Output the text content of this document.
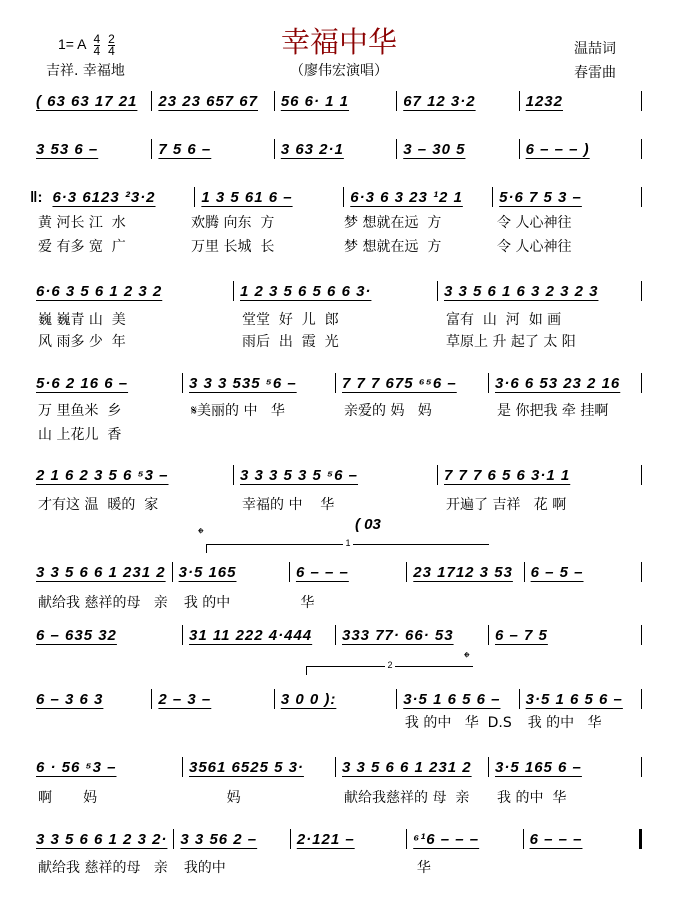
幸福中华
1= A $\frac{4}{4}$
$\frac{2}{4}$
吉祥. 幸福地	（廖伟宏演唱）
温喆词
春雷曲
𝄌	1
( 03
2	𝄌
( 63 63 17 21	23 23 657 67	56 6· 1 1	67 12 3·2	1232
3 53 6 –	7 5 6 –	3 63 2·1	3 – 30 5	6 – – – )
‖: 6·3 6123 ²3·2	1 3 5 61 6 –	6·3 6 3 23 ¹2 1	5·6 7 5 3 –
黄 河长 江  水	欢腾 向东  方	梦 想就在远  方	令 人心神往
爱 有多 宽  广	万里 长城  长	梦 想就在远  方	令 人心神往
6·6 3 5 6 1 2 3 2	1 2 3 5 6 5 6 6 3·	3 3 5 6 1 6 3 2 3 2 3
巍 巍青 山  美	堂堂  好  儿  郎	富有  山  河  如 画
风 雨多 少  年	雨后  出  霞  光	草原上 升 起了 太 阳
5·6 2 16 6 –	3 3 3 535 ⁵6 –	7 7 7 675 ⁶⁵6 –	3·6 6 53 23 2 16
万 里鱼米  乡	𝄋美丽的 中   华	亲爱的 妈   妈	是 你把我 牵 挂啊
山 上花儿  香
2 1 6 2 3 5 6 ⁵3 –	3 3 3 5 3 5 ⁵6 –	7 7 7 6 5 6 3·1 1
才有这 温  暖的  家	幸福的 中    华	开遍了 吉祥   花 啊
3 3 5 6 6 1 231 2 3·5 165	6 – – –	23 1712 3 53	6 – 5 –
献给我 慈祥的母   亲	我 的中	华
6 – 635 32	31 11 222 4·444	333 77· 66· 53	6 – 7 5
6 – 3 6 3	2 – 3 –	3 0 0 ):	3·5 1 6 5 6 –	3·5 1 6 5 6 –
我 的中   华  D.S	我 的中   华
6 · 56 ⁵3 –	3561 6525 5 3·	3 3 5 6 6 1 231 2	3·5 165 6 –
啊       妈	妈	献给我慈祥的 母  亲	我 的中  华
3 3 5 6 6 1 2 3 2· 3 3 56 2 –	2·121 –	⁶¹6 – – –	6 – – –
献给我 慈祥的母   亲	我的中	华
